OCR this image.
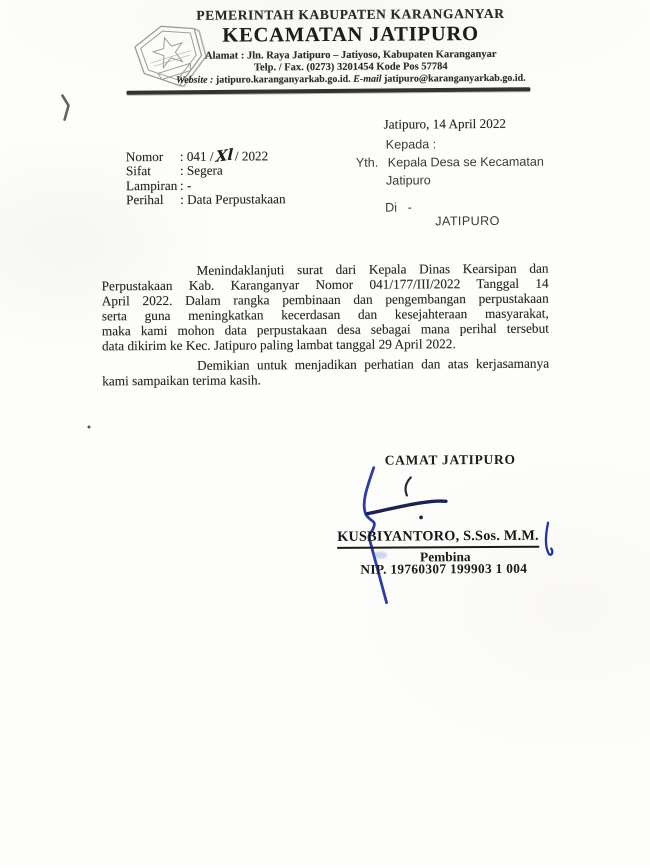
PEMERINTAH KABUPATEN KARANGANYAR
KECAMATAN JATIPURO
Alamat : Jln. Raya Jatipuro – Jatiyoso, Kabupaten Karanganyar
Telp. / Fax. (0273) 3201454 Kode Pos 57784
Website : jatipuro.karanganyarkab.go.id. E-mail jatipuro@karanganyarkab.go.id.
Jatipuro, 14 April 2022
Kepada :
Yth. Kepala Desa se Kecamatan
Jatipuro
Di   -
JATIPURO
Nomor : 041 / Xl / 2022
Sifat : Segera
Lampiran : -
Perihal : Data Perpustakaan
Menindaklanjuti surat dari Kepala Dinas Kearsipan dan
Perpustakaan Kab. Karanganyar Nomor 041/177/III/2022 Tanggal 14
April 2022. Dalam rangka pembinaan dan pengembangan perpustakaan
serta guna meningkatkan kecerdasan dan kesejahteraan masyarakat,
maka kami mohon data perpustakaan desa sebagai mana perihal tersebut
data dikirim ke Kec. Jatipuro paling lambat tanggal 29 April 2022.
Demikian untuk menjadikan perhatian dan atas kerjasamanya
kami sampaikan terima kasih.
CAMAT JATIPURO
KUSBIYANTORO, S.Sos. M.M.
Pembina
NIP. 19760307 199903 1 004
